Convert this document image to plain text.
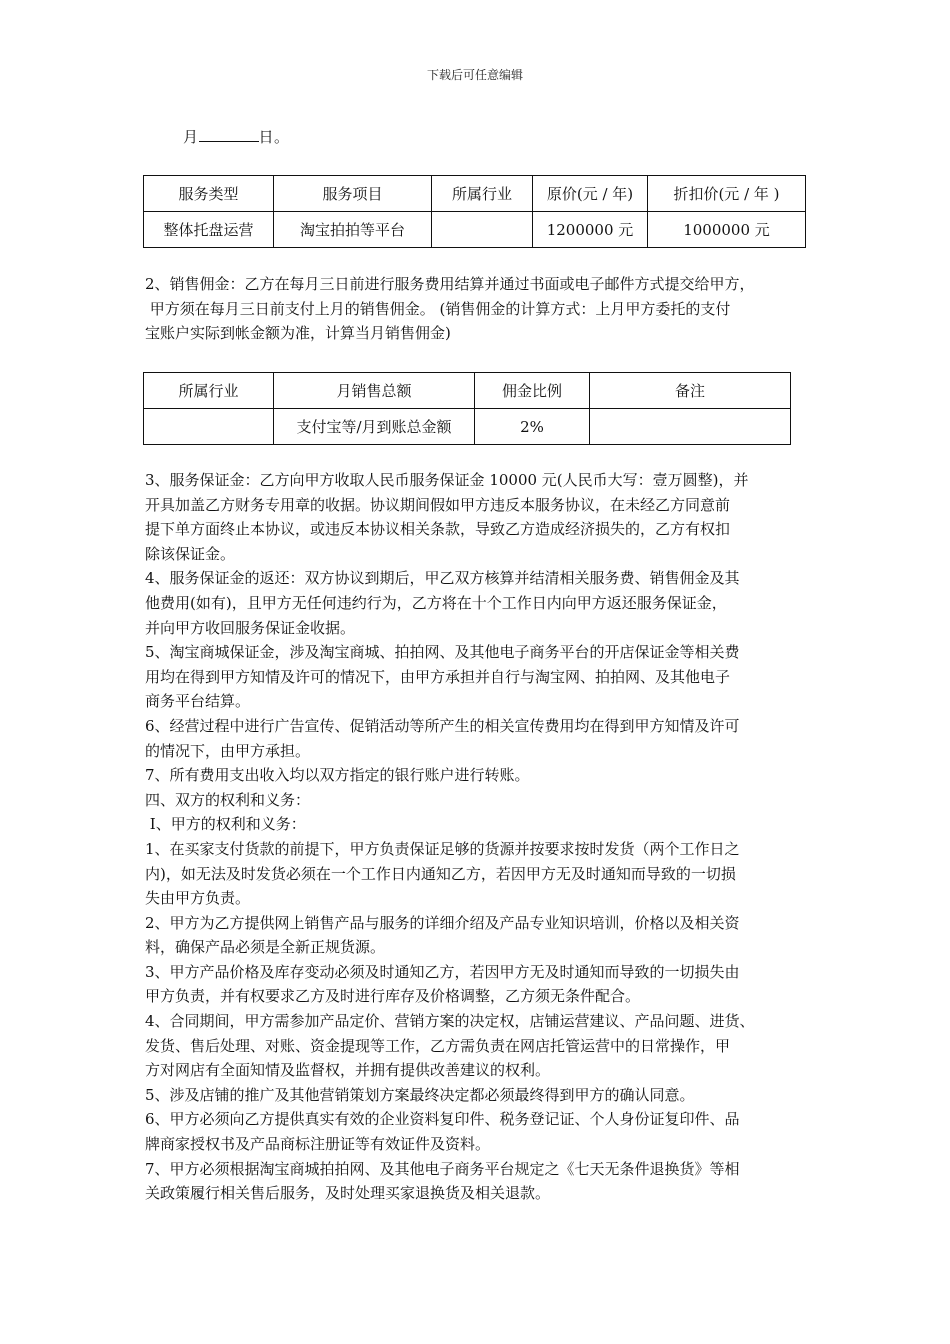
下载后可任意编辑
月	日。
服务类型	服务项目	所属行业	原价(元 / 年)	折扣价(元 / 年 )
整体托盘运营	淘宝拍拍等平台		1200000 元	1000000 元

2、销售佣金：乙方在每月三日前进行服务费用结算并通过书面或电子邮件方式提交给甲方，

甲方须在每月三日前支付上月的销售佣金。 (销售佣金的计算方式：上月甲方委托的支付

宝账户实际到帐金额为准，计算当月销售佣金)

所属行业	月销售总额	佣金比例	备注
	支付宝等/月到账总金额	2%	

3、服务保证金：乙方向甲方收取人民币服务保证金 10000 元(人民币大写：壹万圆整)，并

开具加盖乙方财务专用章的收据。协议期间假如甲方违反本服务协议，在未经乙方同意前

提下单方面终止本协议，或违反本协议相关条款，导致乙方造成经济损失的，乙方有权扣

除该保证金。

4、服务保证金的返还：双方协议到期后，甲乙双方核算并结清相关服务费、销售佣金及其

他费用(如有)，且甲方无任何违约行为，乙方将在十个工作日内向甲方返还服务保证金，

并向甲方收回服务保证金收据。

5、淘宝商城保证金，涉及淘宝商城、拍拍网、及其他电子商务平台的开店保证金等相关费

用均在得到甲方知情及许可的情况下，由甲方承担并自行与淘宝网、拍拍网、及其他电子

商务平台结算。

6、经营过程中进行广告宣传、促销活动等所产生的相关宣传费用均在得到甲方知情及许可

的情况下，由甲方承担。

7、所有费用支出收入均以双方指定的银行账户进行转账。

四、双方的权利和义务：

I、甲方的权利和义务：

1、在买家支付货款的前提下，甲方负责保证足够的货源并按要求按时发货（两个工作日之

内)，如无法及时发货必须在一个工作日内通知乙方，若因甲方无及时通知而导致的一切损

失由甲方负责。

2、甲方为乙方提供网上销售产品与服务的详细介绍及产品专业知识培训，价格以及相关资

料，确保产品必须是全新正规货源。

3、甲方产品价格及库存变动必须及时通知乙方，若因甲方无及时通知而导致的一切损失由

甲方负责，并有权要求乙方及时进行库存及价格调整，乙方须无条件配合。

4、合同期间，甲方需参加产品定价、营销方案的决定权，店铺运营建议、产品问题、进货、

发货、售后处理、对账、资金提现等工作，乙方需负责在网店托管运营中的日常操作，甲

方对网店有全面知情及监督权，并拥有提供改善建议的权利。

5、涉及店铺的推广及其他营销策划方案最终决定都必须最终得到甲方的确认同意。

6、甲方必须向乙方提供真实有效的企业资料复印件、税务登记证、个人身份证复印件、品

牌商家授权书及产品商标注册证等有效证件及资料。

7、甲方必须根据淘宝商城拍拍网、及其他电子商务平台规定之《七天无条件退换货》等相

关政策履行相关售后服务，及时处理买家退换货及相关退款。
